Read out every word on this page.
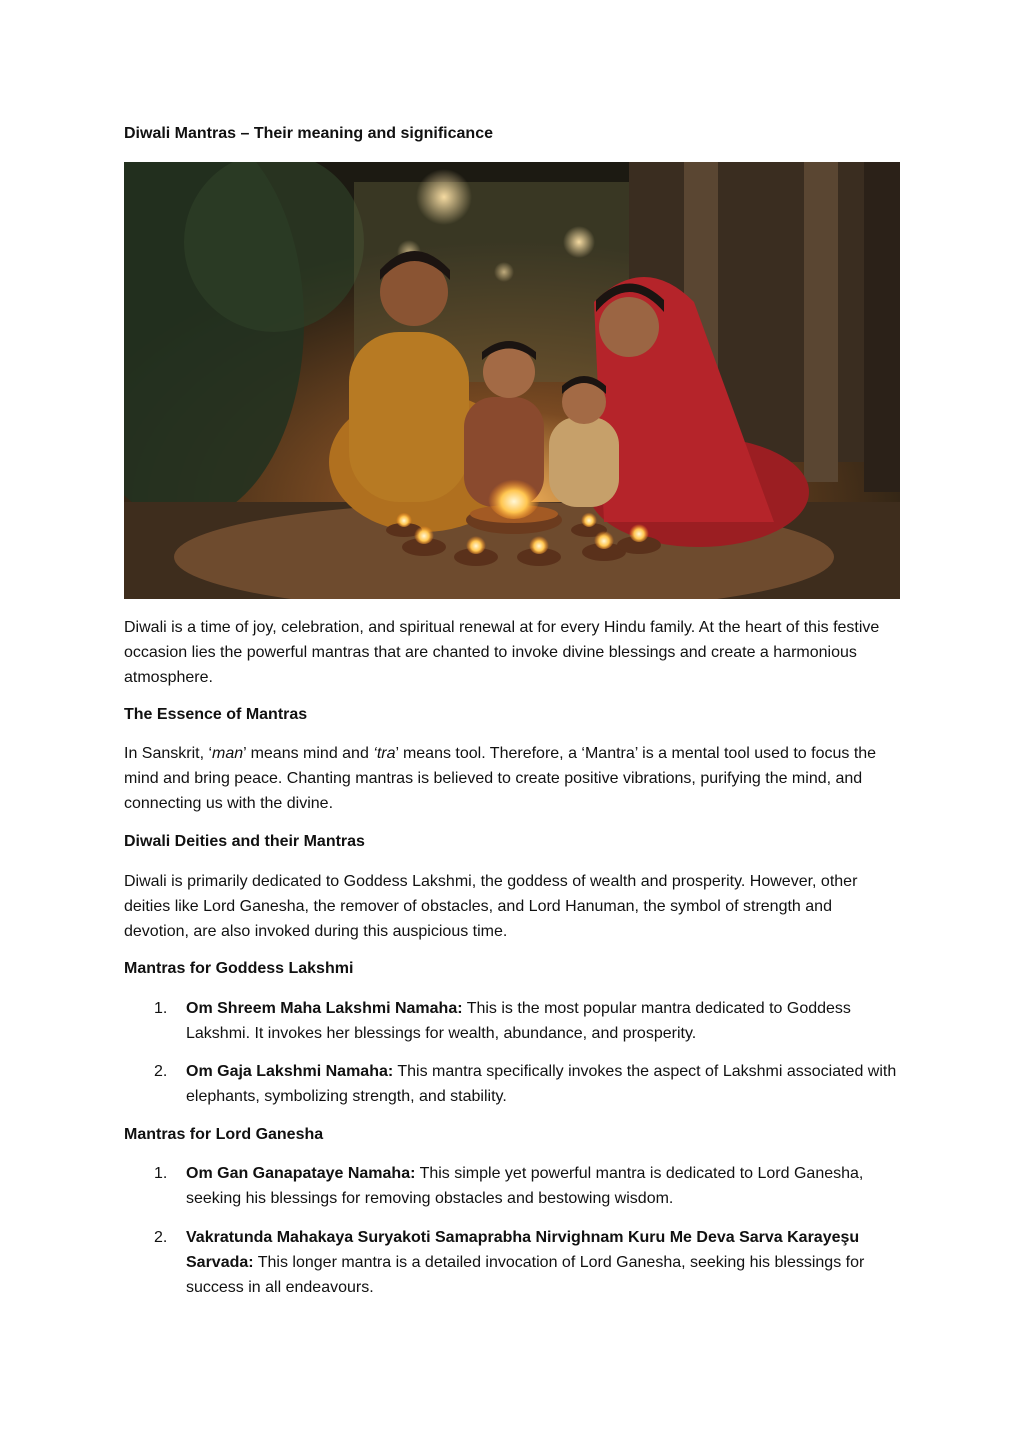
Diwali Mantras – Their meaning and significance

Diwali is a time of joy, celebration, and spiritual renewal at for every Hindu family. At the heart of this festive occasion lies the powerful mantras that are chanted to invoke divine blessings and create a harmonious atmosphere.

The Essence of Mantras

In Sanskrit, ‘man’ means mind and ‘tra’ means tool. Therefore, a ‘Mantra’ is a mental tool used to focus the mind and bring peace. Chanting mantras is believed to create positive vibrations, purifying the mind, and connecting us with the divine.

Diwali Deities and their Mantras

Diwali is primarily dedicated to Goddess Lakshmi, the goddess of wealth and prosperity. However, other deities like Lord Ganesha, the remover of obstacles, and Lord Hanuman, the symbol of strength and devotion, are also invoked during this auspicious time.

Mantras for Goddess Lakshmi

1.	Om Shreem Maha Lakshmi Namaha: This is the most popular mantra dedicated to Goddess Lakshmi. It invokes her blessings for wealth, abundance, and prosperity.
2.	Om Gaja Lakshmi Namaha: This mantra specifically invokes the aspect of Lakshmi associated with elephants, symbolizing strength, and stability.

Mantras for Lord Ganesha

1.	Om Gan Ganapataye Namaha: This simple yet powerful mantra is dedicated to Lord Ganesha, seeking his blessings for removing obstacles and bestowing wisdom.
2.	Vakratunda Mahakaya Suryakoti Samaprabha Nirvighnam Kuru Me Deva Sarva Karayeşu Sarvada: This longer mantra is a detailed invocation of Lord Ganesha, seeking his blessings for success in all endeavours.
